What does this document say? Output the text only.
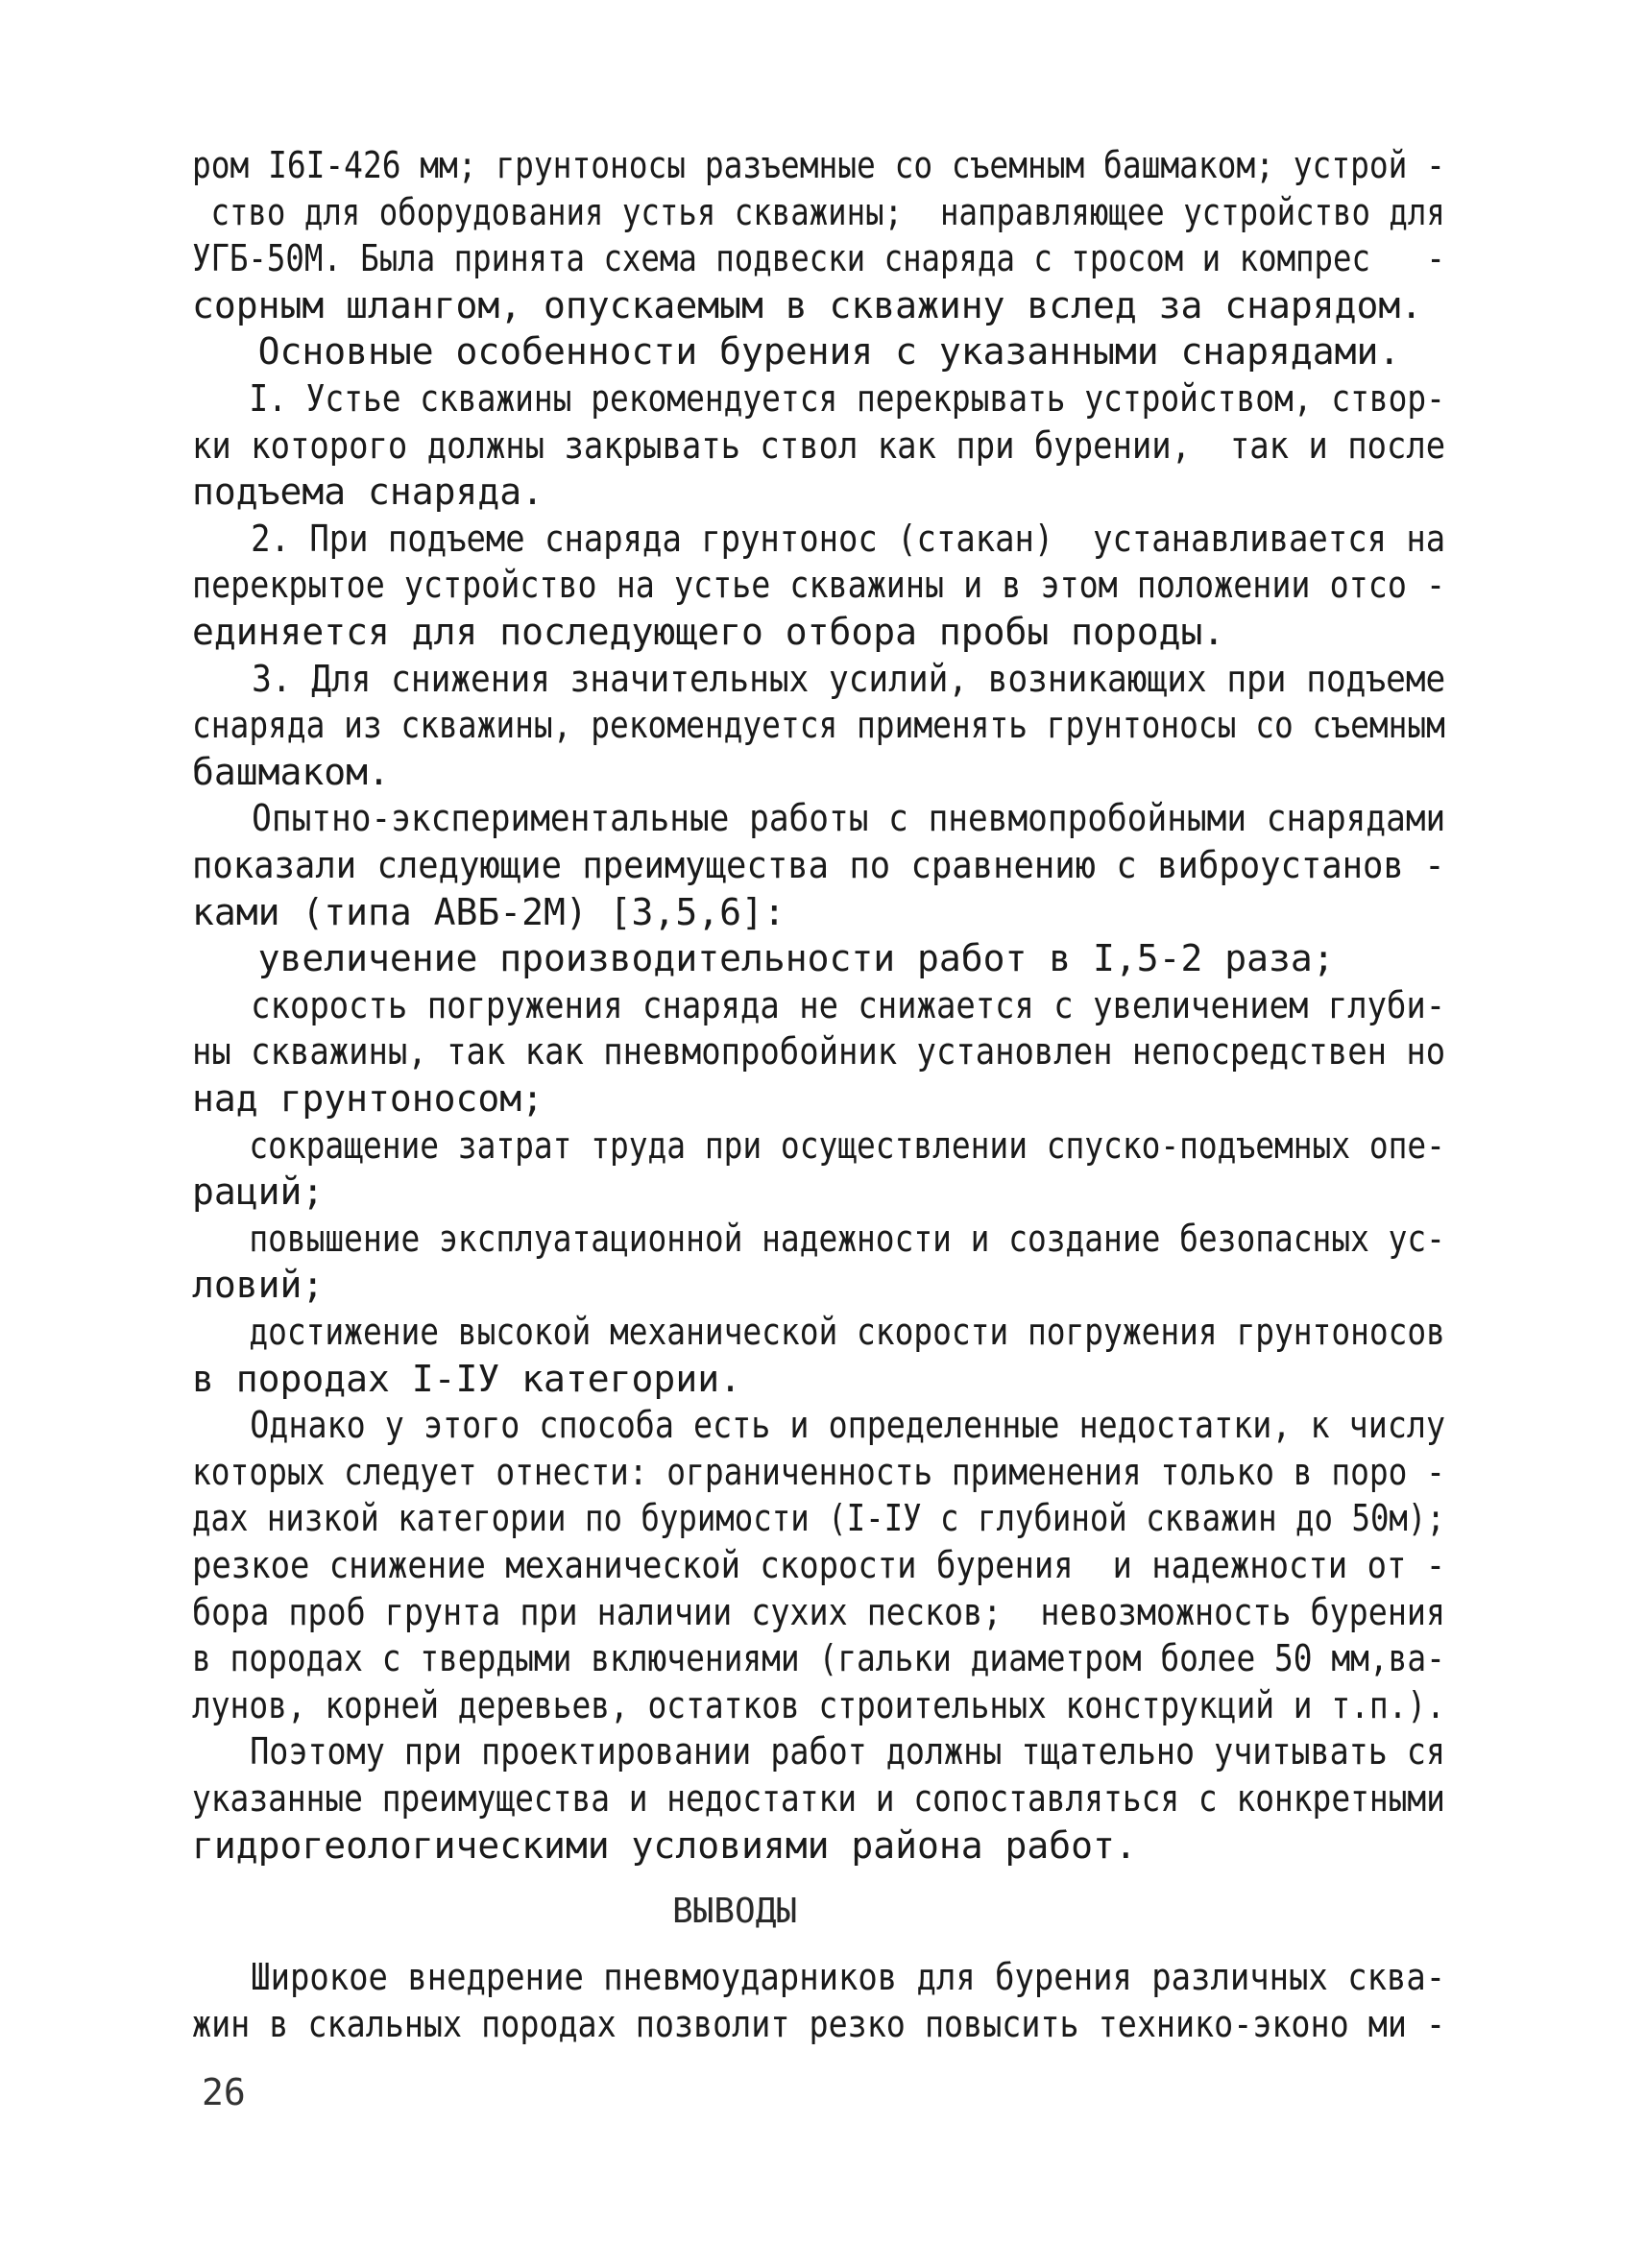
ром I6I-426 мм; грунтоносы разъемные со съемным башмаком; устрой -
ство для оборудования устья скважины;  направляющее устройство для
УГБ-50М. Была принята схема подвески снаряда с тросом и компрес   -
сорным шлангом, опускаемым в скважину вслед за снарядом.
Основные особенности бурения с указанными снарядами.
I. Устье скважины рекомендуется перекрывать устройством, створ-
ки которого должны закрывать ствол как при бурении,  так и после
подъема снаряда.
2. При подъеме снаряда грунтонос (стакан)  устанавливается на
перекрытое устройство на устье скважины и в этом положении отсо -
единяется для последующего отбора пробы породы.
3. Для снижения значительных усилий, возникающих при подъеме
снаряда из скважины, рекомендуется применять грунтоносы со съемным
башмаком.
Опытно-экспериментальные работы с пневмопробойными снарядами
показали следующие преимущества по сравнению с виброустанов -
ками (типа АВБ-2М) [3,5,6]:
увеличение производительности работ в I,5-2 раза;
скорость погружения снаряда не снижается с увеличением глуби-
ны скважины, так как пневмопробойник установлен непосредствен но
над грунтоносом;
сокращение затрат труда при осуществлении спуско-подъемных опе-
раций;
повышение эксплуатационной надежности и создание безопасных ус-
ловий;
достижение высокой механической скорости погружения грунтоносов
в породах I-IУ категории.
Однако у этого способа есть и определенные недостатки, к числу
которых следует отнести: ограниченность применения только в поро -
дах низкой категории по буримости (I-IУ с глубиной скважин до 50м);
резкое снижение механической скорости бурения  и надежности от -
бора проб грунта при наличии сухих песков;  невозможность бурения
в породах с твердыми включениями (гальки диаметром более 50 мм,ва-
лунов, корней деревьев, остатков строительных конструкций и т.п.).
Поэтому при проектировании работ должны тщательно учитывать ся
указанные преимущества и недостатки и сопоставляться с конкретными
гидрогеологическими условиями района работ.
ВЫВОДЫ
Широкое внедрение пневмоударников для бурения различных сква-
жин в скальных породах позволит резко повысить технико-эконо ми -
26
